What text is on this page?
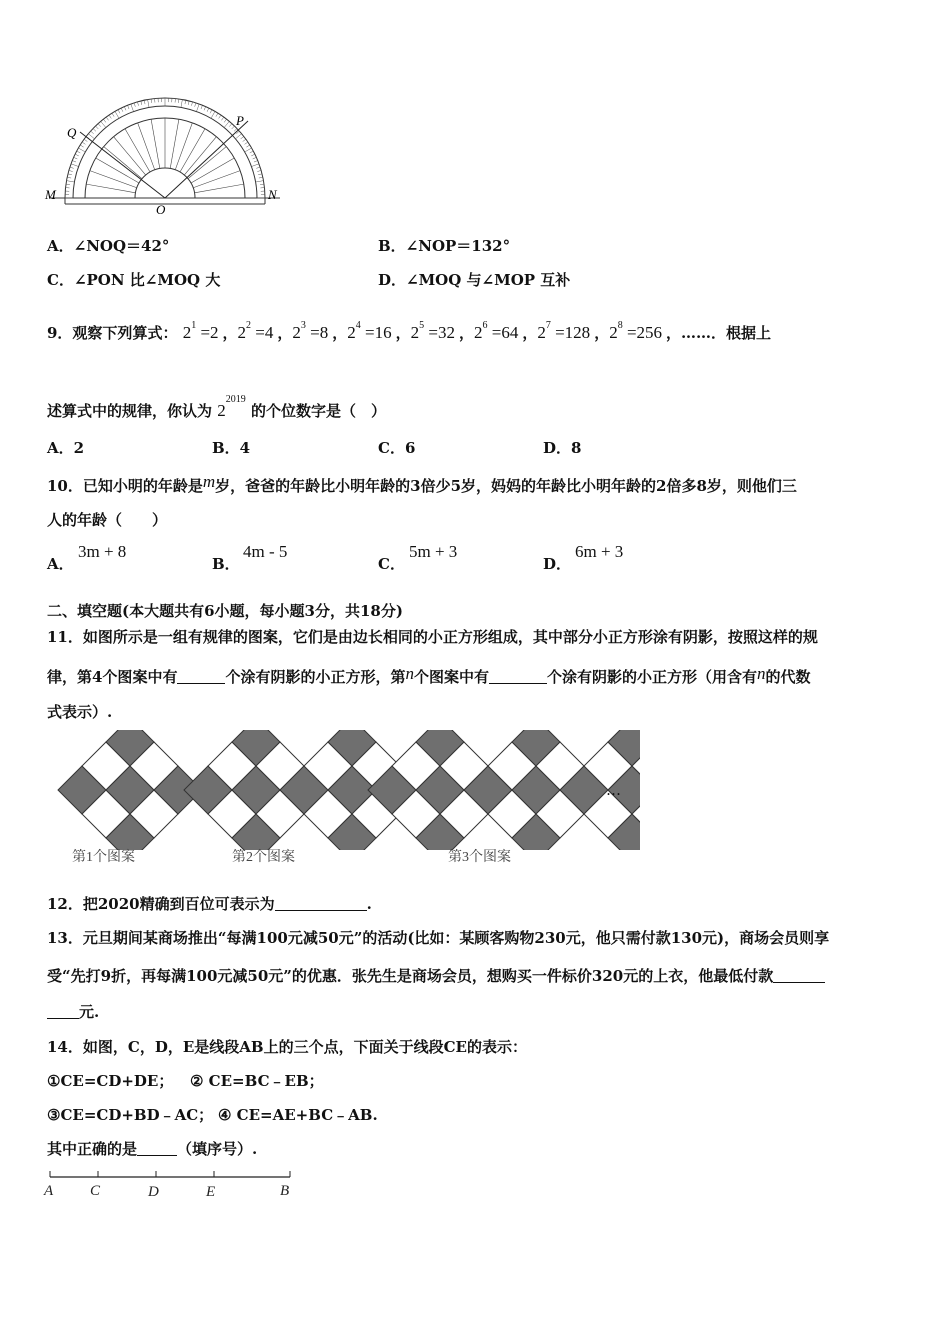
Q
P
M	N
O
A．∠NOQ＝42°	B．∠NOP＝132°
C．∠PON 比∠MOQ 大	D．∠MOQ 与∠MOP 互补
9．观察下列算式： $2^1 =2$ ，$2^2 =4$ ，$2^3 =8$ ，$2^4 =16$ ，$2^5 =32$ ，$2^6 =64$ ，$2^7 =128$ ，$2^8 =256$ ，……．根据上
述算式中的规律，你认为 $2^{2019}$ 的个位数字是（　）
A．2	B．4	C．6	D．8
10．已知小明的年龄是m岁，爸爸的年龄比小明年龄的3倍少5岁，妈妈的年龄比小明年龄的2倍多8岁，则他们三
人的年龄（　　）
A．
3m + 8
B．
4m - 5
C．
5m + 3
D．
6m + 3
二、填空题(本大题共有6小题，每小题3分，共18分)
11．如图所示是一组有规律的图案，它们是由边长相同的小正方形组成，其中部分小正方形涂有阴影，按照这样的规
律，第4个图案中有	个涂有阴影的小正方形，第n个图案中有	个涂有阴影的小正方形（用含有n的代数
式表示）.
…
第1个图案	第2个图案	第3个图案
12．把2020精确到百位可表示为	.
13．元旦期间某商场推出“每满100元减50元”的活动(比如：某顾客购物230元，他只需付款130元)，商场会员则享
受“先打9折，再每满100元减50元”的优惠．张先生是商场会员，想购买一件标价320元的上衣，他最低付款
元.
14．如图，C，D，E是线段AB上的三个点，下面关于线段CE的表示：
①CE=CD+DE； ② CE=BC﹣EB；
③CE=CD+BD﹣AC； ④ CE=AE+BC﹣AB.
其中正确的是	（填序号）.
A C	D	E	B
